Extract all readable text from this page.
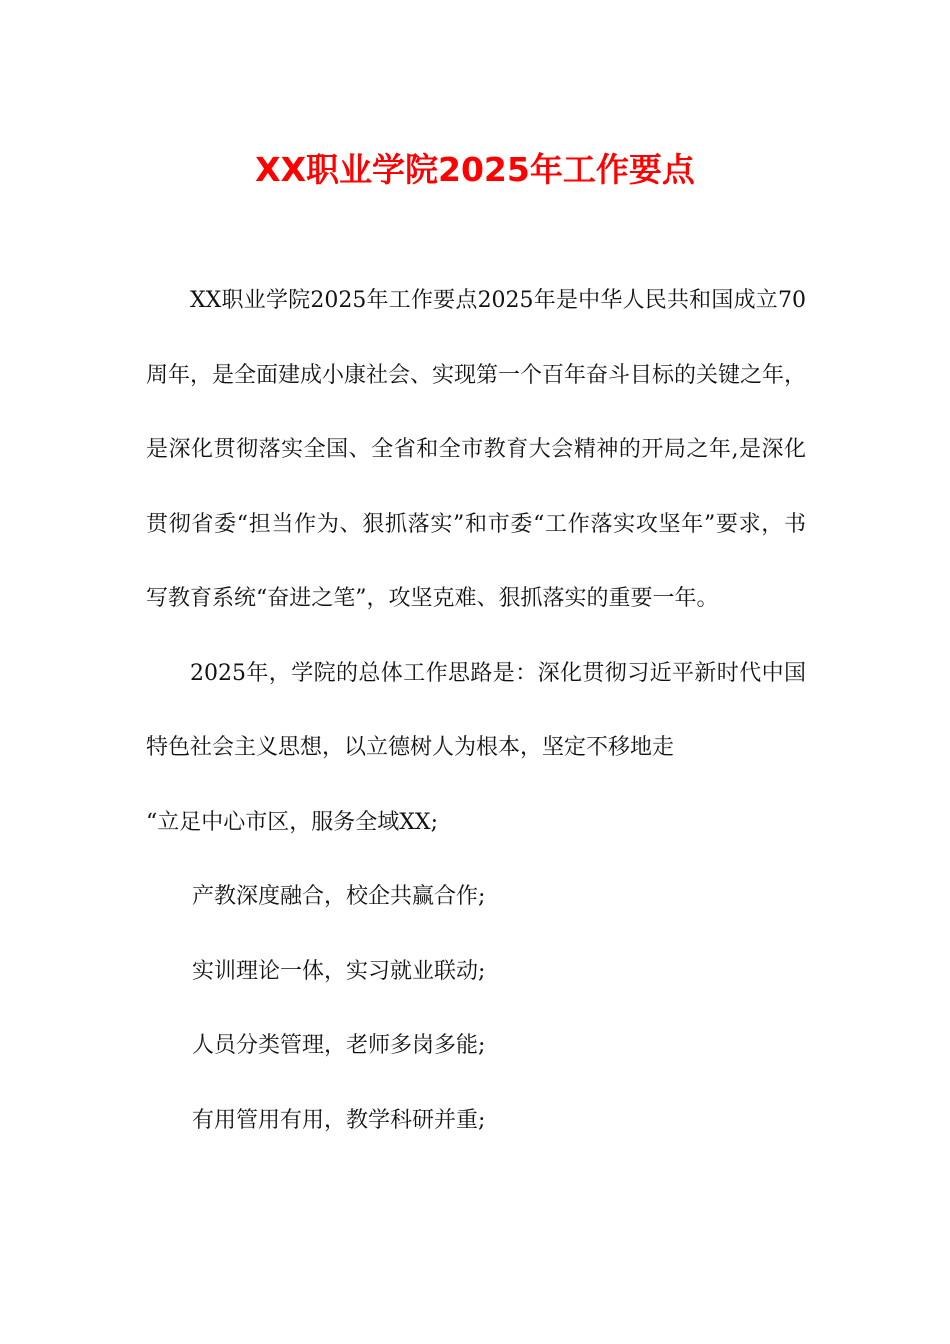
XX职业学院2025年工作要点

XX职业学院2025年工作要点2025年是中华人民共和国成立70周年，是全面建成小康社会、实现第一个百年奋斗目标的关键之年，是深化贯彻落实全国、全省和全市教育大会精神的开局之年,是深化贯彻省委“担当作为、狠抓落实”和市委“工作落实攻坚年”要求，书写教育系统“奋进之笔”，攻坚克难、狠抓落实的重要一年。

2025年，学院的总体工作思路是：深化贯彻习近平新时代中国特色社会主义思想，以立德树人为根本，坚定不移地走

“立足中心市区，服务全域XX;

产教深度融合，校企共赢合作;

实训理论一体，实习就业联动;

人员分类管理，老师多岗多能;

有用管用有用，教学科研并重;
